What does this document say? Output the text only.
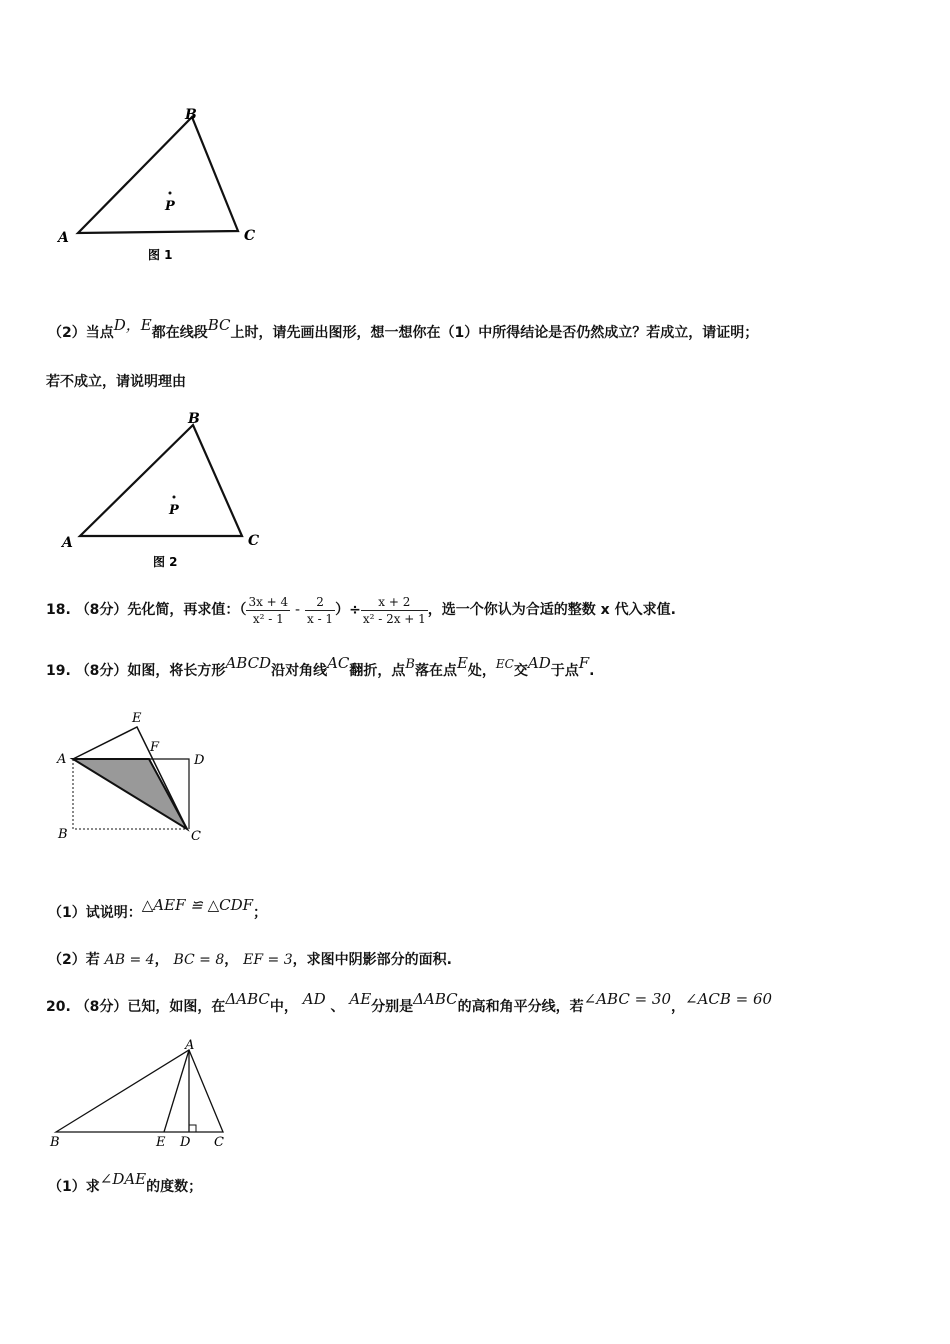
B
P
A	C
图 1
（2）当点D，E都在线段BC上时，请先画出图形，想一想你在（1）中所得结论是否仍然成立？若成立，请证明；
若不成立，请说明理由
B
P
A	C
图 2
18. （8分）先化简，再求值：（ $\frac{3x + 4}{\text{x² - 1}} - \frac{2}{x - 1}$ ）÷ $\frac{x + 2}{\text{x² - 2x + 1}}$ ，选一个你认为合适的整数 x 代入求值.
19. （8分）如图，将长方形ABCD沿对角线AC翻折，点B落在点E处，EC交AD于点F.
E
F
A	D
B	C
（1）试说明：△AEF ≌ △CDF；
（2）若 AB = 4， BC = 8， EF = 3，求图中阴影部分的面积.
20. （8分）已知，如图，在ΔABC中， AD 、 AE分别是ΔABC的高和角平分线，若∠ABC = 30，∠ACB = 60
A
B	E D C
（1）求∠DAE的度数；
